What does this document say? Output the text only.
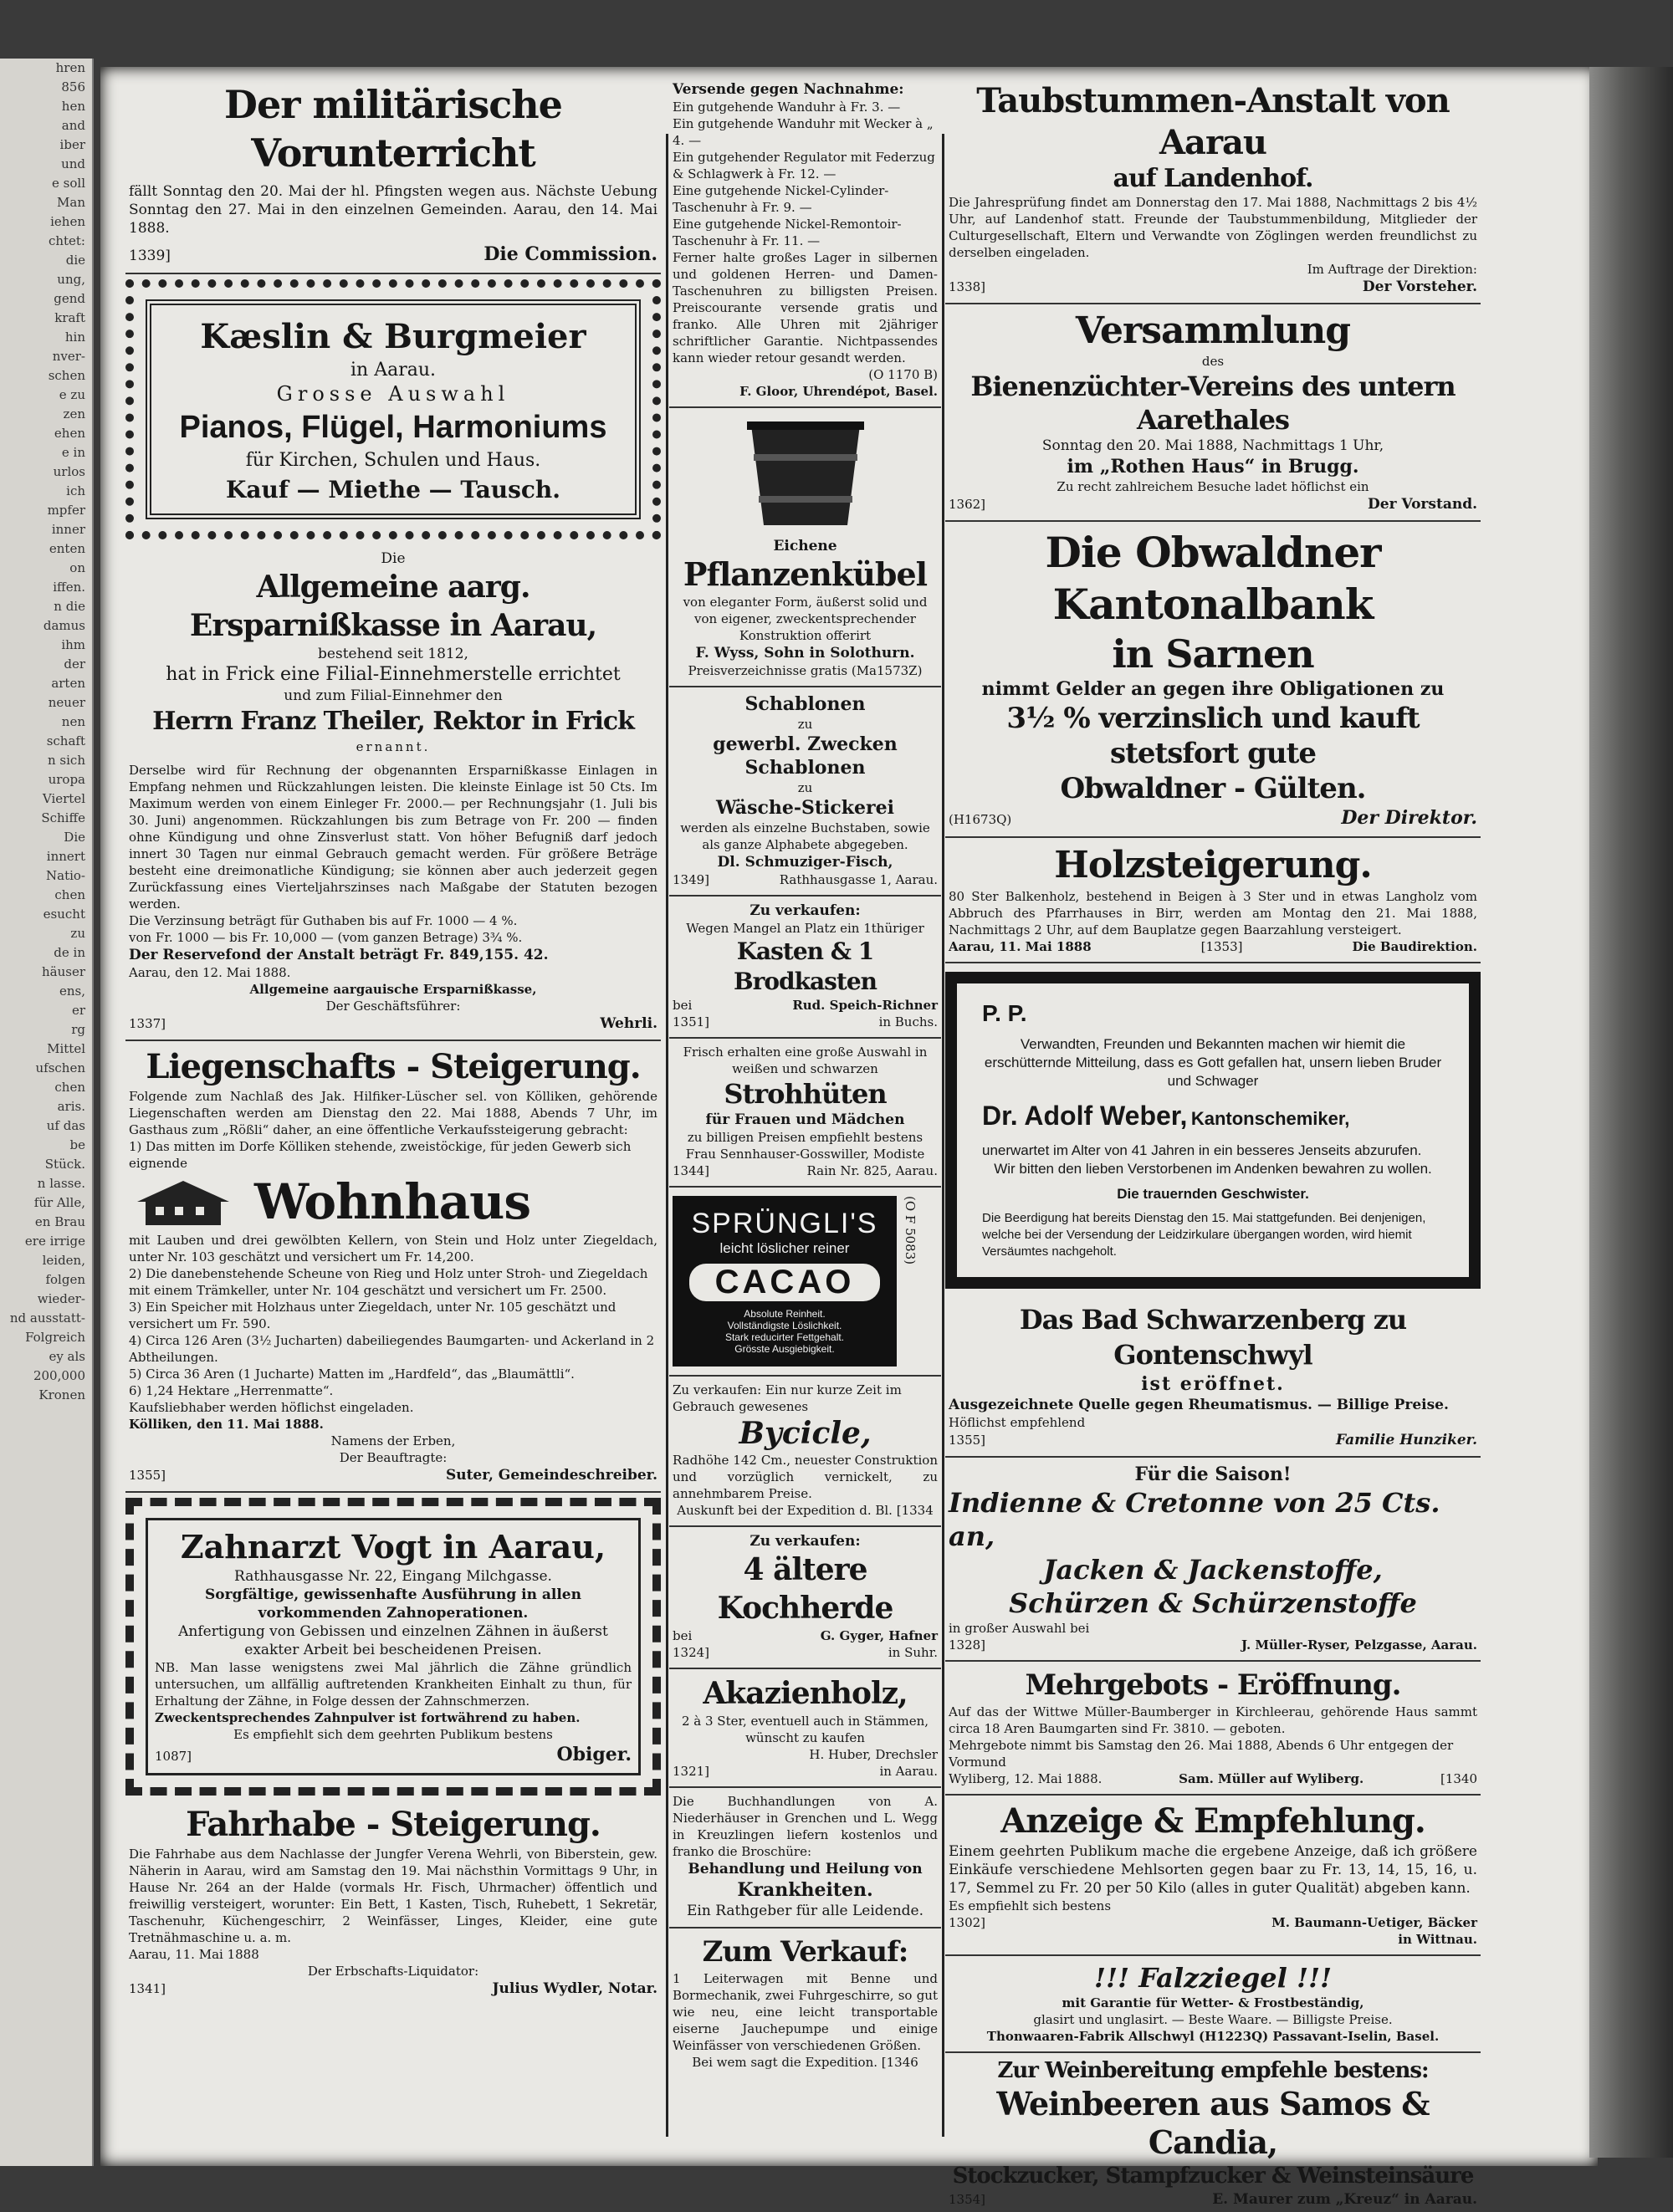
hren
856
hen
and
iber
und
e soll
Man
iehen
chtet:
die
ung,
gend
kraft
hin
nver-
schen
e zu
zen
ehen
e in
urlos
ich
mpfer
inner
enten
on
iffen.
n die
damus
ihm
der
arten
neuer
nen
schaft
n sich
uropa
Viertel
Schiffe
Die
innert
Natio-
chen
esucht
zu
de in
häuser
ens,
er
rg
Mittel
ufschen
chen
aris.
uf das
be
Stück.
n lasse.
für Alle,
en Brau
ere irrige
leiden,
folgen
wieder-
nd ausstatt-
Folgreich
ey als
200,000
Kronen
Der militärische Vorunterricht
fällt Sonntag den 20. Mai der hl. Pfingsten wegen aus. Nächste Uebung Sonntag den 27. Mai in den einzelnen Gemeinden. Aarau, den 14. Mai 1888.
1339]	Die Commission.
Kæslin & Burgmeier
in Aarau.
Grosse Auswahl
Pianos, Flügel, Harmoniums
für Kirchen, Schulen und Haus.
Kauf — Miethe — Tausch.
Die
Allgemeine aarg. Ersparnißkasse in Aarau,
bestehend seit 1812,
hat in Frick eine Filial-Einnehmerstelle errichtet
und zum Filial-Einnehmer den
Herrn Franz Theiler, Rektor in Frick
ernannt.
Derselbe wird für Rechnung der obgenannten Ersparnißkasse Einlagen in Empfang nehmen und Rückzahlungen leisten. Die kleinste Einlage ist 50 Cts. Im Maximum werden von einem Einleger Fr. 2000.— per Rechnungsjahr (1. Juli bis 30. Juni) angenommen. Rückzahlungen bis zum Betrage von Fr. 200 — finden ohne Kündigung und ohne Zinsverlust statt. Von höher Befugniß darf jedoch innert 30 Tagen nur einmal Gebrauch gemacht werden. Für größere Beträge besteht eine dreimonatliche Kündigung; sie können aber auch jederzeit gegen Zurückfassung eines Vierteljahrszinses nach Maßgabe der Statuten bezogen werden.
Die Verzinsung beträgt für Guthaben bis auf Fr. 1000 — 4 %.
von Fr. 1000 — bis Fr. 10,000 — (vom ganzen Betrage) 3¾ %.
Der Reservefond der Anstalt beträgt Fr. 849,155. 42.
Aarau, den 12. Mai 1888.
Allgemeine aargauische Ersparnißkasse,
Der Geschäftsführer:
1337]	Wehrli.
Liegenschafts - Steigerung.
Folgende zum Nachlaß des Jak. Hilfiker-Lüscher sel. von Kölliken, gehörende Liegenschaften werden am Dienstag den 22. Mai 1888, Abends 7 Uhr, im Gasthaus zum „Rößli“ daher, an eine öffentliche Verkaufssteigerung gebracht:
1) Das mitten im Dorfe Kölliken stehende, zweistöckige, für jeden Gewerb sich eignende
Wohnhaus
mit Lauben und drei gewölbten Kellern, von Stein und Holz unter Ziegeldach, unter Nr. 103 geschätzt und versichert um Fr. 14,200.
2) Die danebenstehende Scheune von Rieg und Holz unter Stroh- und Ziegeldach mit einem Trämkeller, unter Nr. 104 geschätzt und versichert um Fr. 2500.
3) Ein Speicher mit Holzhaus unter Ziegeldach, unter Nr. 105 geschätzt und versichert um Fr. 590.
4) Circa 126 Aren (3½ Jucharten) dabeiliegendes Baumgarten- und Ackerland in 2 Abtheilungen.
5) Circa 36 Aren (1 Jucharte) Matten im „Hardfeld“, das „Blaumättli“.
6) 1,24 Hektare „Herrenmatte“.
Kaufsliebhaber werden höflichst eingeladen.
Kölliken, den 11. Mai 1888.
Namens der Erben,
Der Beauftragte:
1355]	Suter, Gemeindeschreiber.
Zahnarzt Vogt in Aarau,
Rathhausgasse Nr. 22, Eingang Milchgasse.
Sorgfältige, gewissenhafte Ausführung in allen vorkommenden Zahnoperationen.
Anfertigung von Gebissen und einzelnen Zähnen in äußerst exakter Arbeit bei bescheidenen Preisen.
NB. Man lasse wenigstens zwei Mal jährlich die Zähne gründlich untersuchen, um allfällig auftretenden Krankheiten Einhalt zu thun, für Erhaltung der Zähne, in Folge dessen der Zahnschmerzen.
Zweckentsprechendes Zahnpulver ist fortwährend zu haben.
Es empfiehlt sich dem geehrten Publikum bestens
1087]	Obiger.
Fahrhabe - Steigerung.
Die Fahrhabe aus dem Nachlasse der Jungfer Verena Wehrli, von Biberstein, gew. Näherin in Aarau, wird am Samstag den 19. Mai nächsthin Vormittags 9 Uhr, in Hause Nr. 264 an der Halde (vormals Hr. Fisch, Uhrmacher) öffentlich und freiwillig versteigert, worunter: Ein Bett, 1 Kasten, Tisch, Ruhebett, 1 Sekretär, Taschenuhr, Küchengeschirr, 2 Weinfässer, Linges, Kleider, eine gute Tretnähmaschine u. a. m.
Aarau, 11. Mai 1888
Der Erbschafts-Liquidator:
1341]	Julius Wydler, Notar.
Versende gegen Nachnahme:
Ein gutgehende Wanduhr à Fr. 3. —
Ein gutgehende Wanduhr mit Wecker à „ 4. —
Ein gutgehender Regulator mit Federzug & Schlagwerk à Fr. 12. —
Eine gutgehende Nickel-Cylinder-Taschenuhr à Fr. 9. —
Eine gutgehende Nickel-Remontoir-Taschenuhr à Fr. 11. —
Ferner halte großes Lager in silbernen und goldenen Herren- und Damen-Taschenuhren zu billigsten Preisen. Preiscourante versende gratis und franko. Alle Uhren mit 2jähriger schriftlicher Garantie. Nichtpassendes kann wieder retour gesandt werden.
(O 1170 B)
F. Gloor, Uhrendépot, Basel.
Eichene
Pflanzenkübel
von eleganter Form, äußerst solid und von eigener, zweckentsprechender Konstruktion offerirt
F. Wyss, Sohn in Solothurn.
Preisverzeichnisse gratis (Ma1573Z)
Schablonen
zu
gewerbl. Zwecken
Schablonen
zu
Wäsche-Stickerei
werden als einzelne Buchstaben, sowie als ganze Alphabete abgegeben.
Dl. Schmuziger-Fisch,
1349]	Rathhausgasse 1, Aarau.
Zu verkaufen:
Wegen Mangel an Platz ein 1thüriger
Kasten & 1 Brodkasten
bei	Rud. Speich-Richner
1351]	in Buchs.
Frisch erhalten eine große Auswahl in weißen und schwarzen
Strohhüten
für Frauen und Mädchen
zu billigen Preisen empfiehlt bestens
Frau Sennhauser-Gosswiller, Modiste
1344]	Rain Nr. 825, Aarau.
SPRÜNGLI'S
leicht löslicher reiner
CACAO
Absolute Reinheit.
Vollständigste Löslichkeit.
Stark reducirter Fettgehalt.
Grösste Ausgiebigkeit.
(O F 5083)
Zu verkaufen: Ein nur kurze Zeit im Gebrauch gewesenes
Bycicle,
Radhöhe 142 Cm., neuester Construktion und vorzüglich vernickelt, zu annehmbarem Preise.
Auskunft bei der Expedition d. Bl. [1334
Zu verkaufen:
4 ältere Kochherde
bei	G. Gyger, Hafner
1324]	in Suhr.
Akazienholz,
2 à 3 Ster, eventuell auch in Stämmen, wünscht zu kaufen
H. Huber, Drechsler
1321]	in Aarau.
Die Buchhandlungen von A. Niederhäuser in Grenchen und L. Wegg in Kreuzlingen liefern kostenlos und franko die Broschüre:
Behandlung und Heilung von
Krankheiten.
Ein Rathgeber für alle Leidende.
Zum Verkauf:
1 Leiterwagen mit Benne und Bormechanik, zwei Fuhrgeschirre, so gut wie neu, eine leicht transportable eiserne Jauchepumpe und einige Weinfässer von verschiedenen Größen.
Bei wem sagt die Expedition. [1346
Taubstummen-Anstalt von Aarau
auf Landenhof.
Die Jahresprüfung findet am Donnerstag den 17. Mai 1888, Nachmittags 2 bis 4½ Uhr, auf Landenhof statt. Freunde der Taubstummenbildung, Mitglieder der Culturgesellschaft, Eltern und Verwandte von Zöglingen werden freundlichst zu derselben eingeladen.
Im Auftrage der Direktion:
1338]	Der Vorsteher.
Versammlung
des
Bienenzüchter-Vereins des untern Aarethales
Sonntag den 20. Mai 1888, Nachmittags 1 Uhr,
im „Rothen Haus“ in Brugg.
Zu recht zahlreichem Besuche ladet höflichst ein
1362]	Der Vorstand.
Die Obwaldner Kantonalbank
in Sarnen
nimmt Gelder an gegen ihre Obligationen zu
3½ % verzinslich und kauft stetsfort gute
Obwaldner - Gülten.
(H1673Q)	Der Direktor.
Holzsteigerung.
80 Ster Balkenholz, bestehend in Beigen à 3 Ster und in etwas Langholz vom Abbruch des Pfarrhauses in Birr, werden am Montag den 21. Mai 1888, Nachmittags 2 Uhr, auf dem Bauplatze gegen Baarzahlung versteigert.
Aarau, 11. Mai 1888	[1353]	Die Baudirektion.
P. P.
Verwandten, Freunden und Bekannten machen wir hiemit die erschütternde Mitteilung, dass es Gott gefallen hat, unsern lieben Bruder und Schwager
Dr. Adolf Weber, Kantonschemiker,
unerwartet im Alter von 41 Jahren in ein besseres Jenseits abzurufen.
Wir bitten den lieben Verstorbenen im Andenken bewahren zu wollen.
Die trauernden Geschwister.
Die Beerdigung hat bereits Dienstag den 15. Mai stattgefunden. Bei denjenigen, welche bei der Versendung der Leidzirkulare übergangen worden, wird hiemit Versäumtes nachgeholt.
Das Bad Schwarzenberg zu Gontenschwyl
ist eröffnet.
Ausgezeichnete Quelle gegen Rheumatismus. — Billige Preise.
Höflichst empfehlend
1355]	Familie Hunziker.
Für die Saison!
Indienne & Cretonne von 25 Cts. an,
Jacken & Jackenstoffe,
Schürzen & Schürzenstoffe
in großer Auswahl bei
1328]	J. Müller-Ryser, Pelzgasse, Aarau.
Mehrgebots - Eröffnung.
Auf das der Wittwe Müller-Baumberger in Kirchleerau, gehörende Haus sammt circa 18 Aren Baumgarten sind Fr. 3810. — geboten.
Mehrgebote nimmt bis Samstag den 26. Mai 1888, Abends 6 Uhr entgegen der Vormund
Wyliberg, 12. Mai 1888.	Sam. Müller auf Wyliberg.	[1340
Anzeige & Empfehlung.
Einem geehrten Publikum mache die ergebene Anzeige, daß ich größere Einkäufe verschiedene Mehlsorten gegen baar zu Fr. 13, 14, 15, 16, u. 17, Semmel zu Fr. 20 per 50 Kilo (alles in guter Qualität) abgeben kann.
Es empfiehlt sich bestens
1302]	M. Baumann-Uetiger, Bäcker
in Wittnau.
!!! Falzziegel !!!
mit Garantie für Wetter- & Frostbeständig,
glasirt und unglasirt. — Beste Waare. — Billigste Preise.
Thonwaaren-Fabrik Allschwyl (H1223Q) Passavant-Iselin, Basel.
Zur Weinbereitung empfehle bestens:
Weinbeeren aus Samos & Candia,
Stockzucker, Stampfzucker & Weinsteinsäure
1354]	E. Maurer zum „Kreuz“ in Aarau.
